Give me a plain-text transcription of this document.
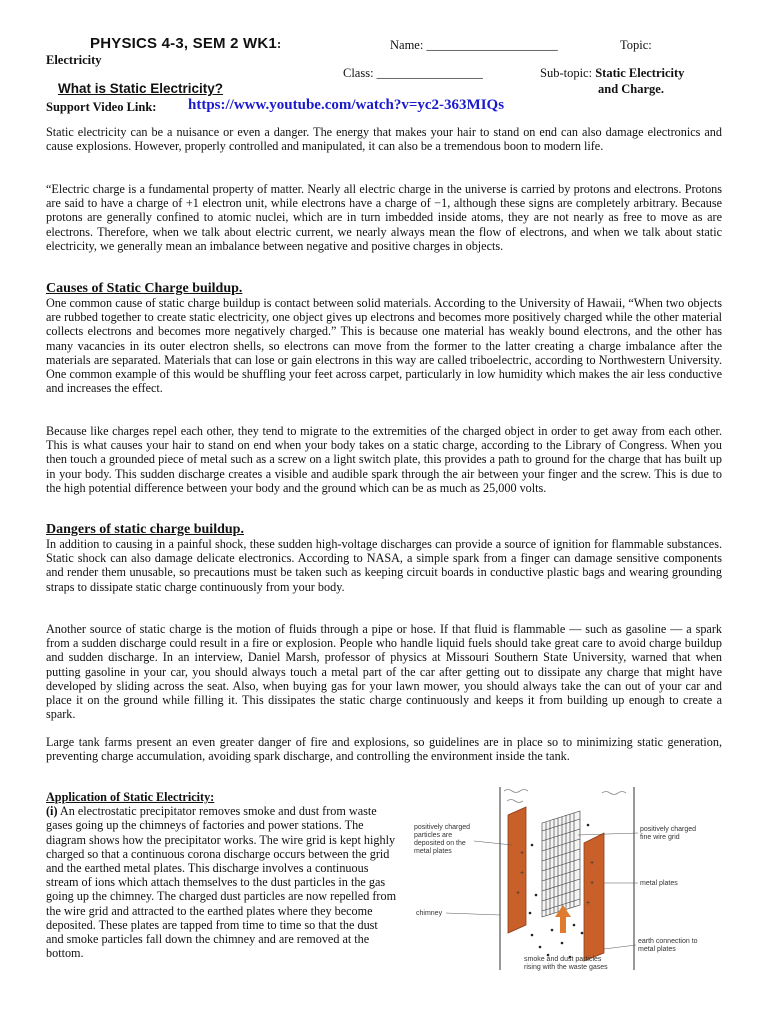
PHYSICS 4-3, SEM 2 WK1:	Name: _____________________	Topic:
Electricity
Class: _________________	Sub-topic: Static Electricity
and Charge.
What is Static Electricity?
Support Video Link: https://www.youtube.com/watch?v=yc2-363MIQs

Static electricity can be a nuisance or even a danger. The energy that makes your hair to stand on end can also damage electronics and cause explosions. However, properly controlled and manipulated, it can also be a tremendous boon to modern life.

“Electric charge is a fundamental property of matter. Nearly all electric charge in the universe is carried by protons and electrons. Protons are said to have a charge of +1 electron unit, while electrons have a charge of −1, although these signs are completely arbitrary. Because protons are generally confined to atomic nuclei, which are in turn imbedded inside atoms, they are not nearly as free to move as are electrons. Therefore, when we talk about electric current, we nearly always mean the flow of electrons, and when we talk about static electricity, we generally mean an imbalance between negative and positive charges in objects.

Causes of Static Charge buildup.

One common cause of static charge buildup is contact between solid materials. According to the University of Hawaii, “When two objects are rubbed together to create static electricity, one object gives up electrons and becomes more positively charged while the other material collects electrons and becomes more negatively charged.” This is because one material has weakly bound electrons, and the other has many vacancies in its outer electron shells, so electrons can move from the former to the latter creating a charge imbalance after the materials are separated. Materials that can lose or gain electrons in this way are called triboelectric, according to Northwestern University. One common example of this would be shuffling your feet across carpet, particularly in low humidity which makes the air less conductive and increases the effect.

Because like charges repel each other, they tend to migrate to the extremities of the charged object in order to get away from each other. This is what causes your hair to stand on end when your body takes on a static charge, according to the Library of Congress. When you then touch a grounded piece of metal such as a screw on a light switch plate, this provides a path to ground for the charge that has built up in your body. This sudden discharge creates a visible and audible spark through the air between your finger and the screw. This is due to the high potential difference between your body and the ground which can be as much as 25,000 volts.

Dangers of static charge buildup.

In addition to causing in a painful shock, these sudden high-voltage discharges can provide a source of ignition for flammable substances. Static shock can also damage delicate electronics. According to NASA, a simple spark from a finger can damage sensitive components and render them unusable, so precautions must be taken such as keeping circuit boards in conductive plastic bags and wearing grounding straps to dissipate static charge continuously from your body.

Another source of static charge is the motion of fluids through a pipe or hose. If that fluid is flammable — such as gasoline — a spark from a sudden discharge could result in a fire or explosion. People who handle liquid fuels should take great care to avoid charge buildup and sudden discharge. In an interview, Daniel Marsh, professor of physics at Missouri Southern State University, warned that when putting gasoline in your car, you should always touch a metal part of the car after getting out to dissipate any charge that might have developed by sliding across the seat. Also, when buying gas for your lawn mower, you should always take the can out of your car and place it on the ground while filling it. This dissipates the static charge continuously and keeps it from building up enough to create a spark.

Large tank farms present an even greater danger of fire and explosions, so guidelines are in place so to minimizing static generation, preventing charge accumulation, avoiding spark discharge, and controlling the environment inside the tank.

Application of Static Electricity:
(i) An electrostatic precipitator removes smoke and dust from waste gases going up the chimneys of factories and power stations. The diagram shows how the precipitator works. The wire grid is kept highly charged so that a continuous corona discharge occurs between the grid and the earthed metal plates. This discharge involves a continuous stream of ions which attach themselves to the dust particles in the gas going up the chimney. The charged dust particles are now repelled from the wire grid and attracted to the earthed plates where they become deposited. These plates are tapped from time to time so that the dust and smoke particles fall down the chimney and are removed at the bottom.
+
+
+
+
+
+
positively charged
particles are
deposited on the
metal plates
positively charged
fine wire grid
metal plates
chimney
earth connection to
metal plates
smoke and dust particles
rising with the waste gases
